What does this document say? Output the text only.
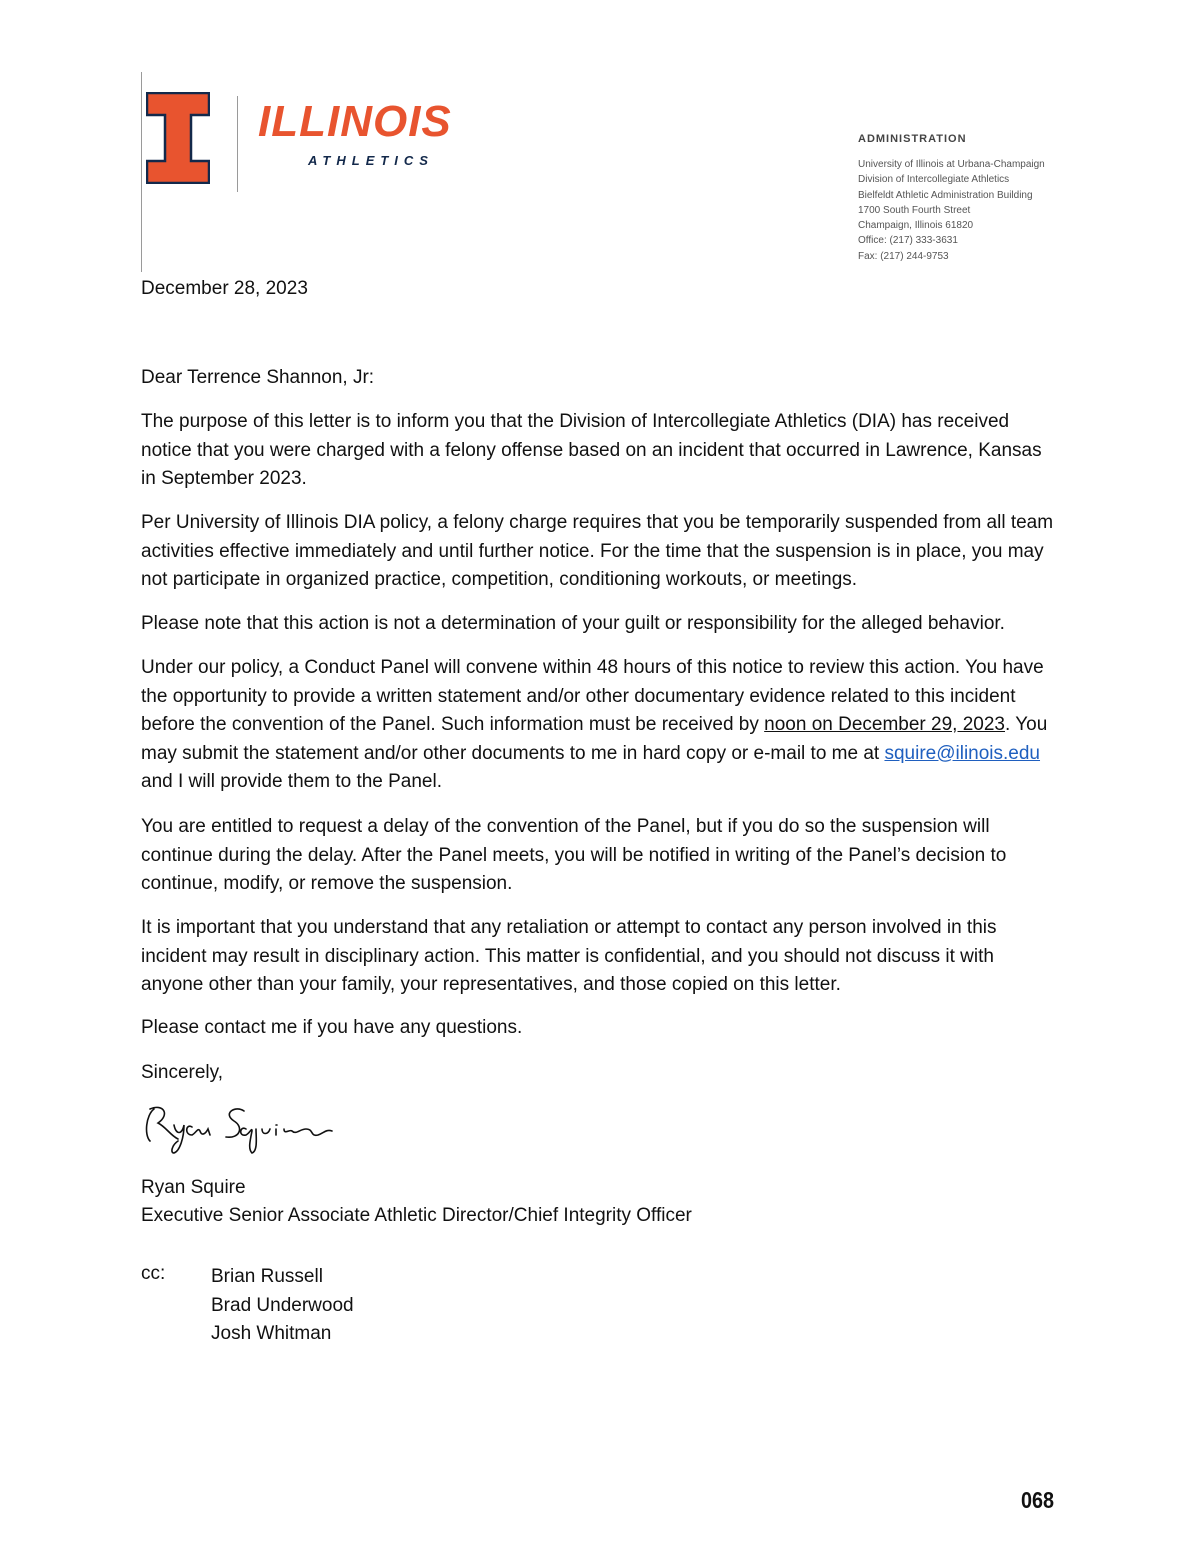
ILLINOIS
ATHLETICS
ADMINISTRATION
University of Illinois at Urbana-Champaign
Division of Intercollegiate Athletics
Bielfeldt Athletic Administration Building
1700 South Fourth Street
Champaign, Illinois 61820
Office: (217) 333-3631
Fax: (217) 244-9753
December 28, 2023
Dear Terrence Shannon, Jr:

The purpose of this letter is to inform you that the Division of Intercollegiate Athletics (DIA) has received notice that you were charged with a felony offense based on an incident that occurred in Lawrence, Kansas in September 2023.

Per University of Illinois DIA policy, a felony charge requires that you be temporarily suspended from all team activities effective immediately and until further notice. For the time that the suspension is in place, you may not participate in organized practice, competition, conditioning workouts, or meetings.

Please note that this action is not a determination of your guilt or responsibility for the alleged behavior.

Under our policy, a Conduct Panel will convene within 48 hours of this notice to review this action. You have the opportunity to provide a written statement and/or other documentary evidence related to this incident before the convention of the Panel. Such information must be received by noon on December 29, 2023. You may submit the statement and/or other documents to me in hard copy or e-mail to me at squire@ilinois.edu and I will provide them to the Panel.

You are entitled to request a delay of the convention of the Panel, but if you do so the suspension will continue during the delay. After the Panel meets, you will be notified in writing of the Panel’s decision to continue, modify, or remove the suspension.

It is important that you understand that any retaliation or attempt to contact any person involved in this incident may result in disciplinary action. This matter is confidential, and you should not discuss it with anyone other than your family, your representatives, and those copied on this letter.

Please contact me if you have any questions.

Sincerely,

Ryan Squire
Executive Senior Associate Athletic Director/Chief Integrity Officer
cc: Brian Russell
Brad Underwood
Josh Whitman
068
